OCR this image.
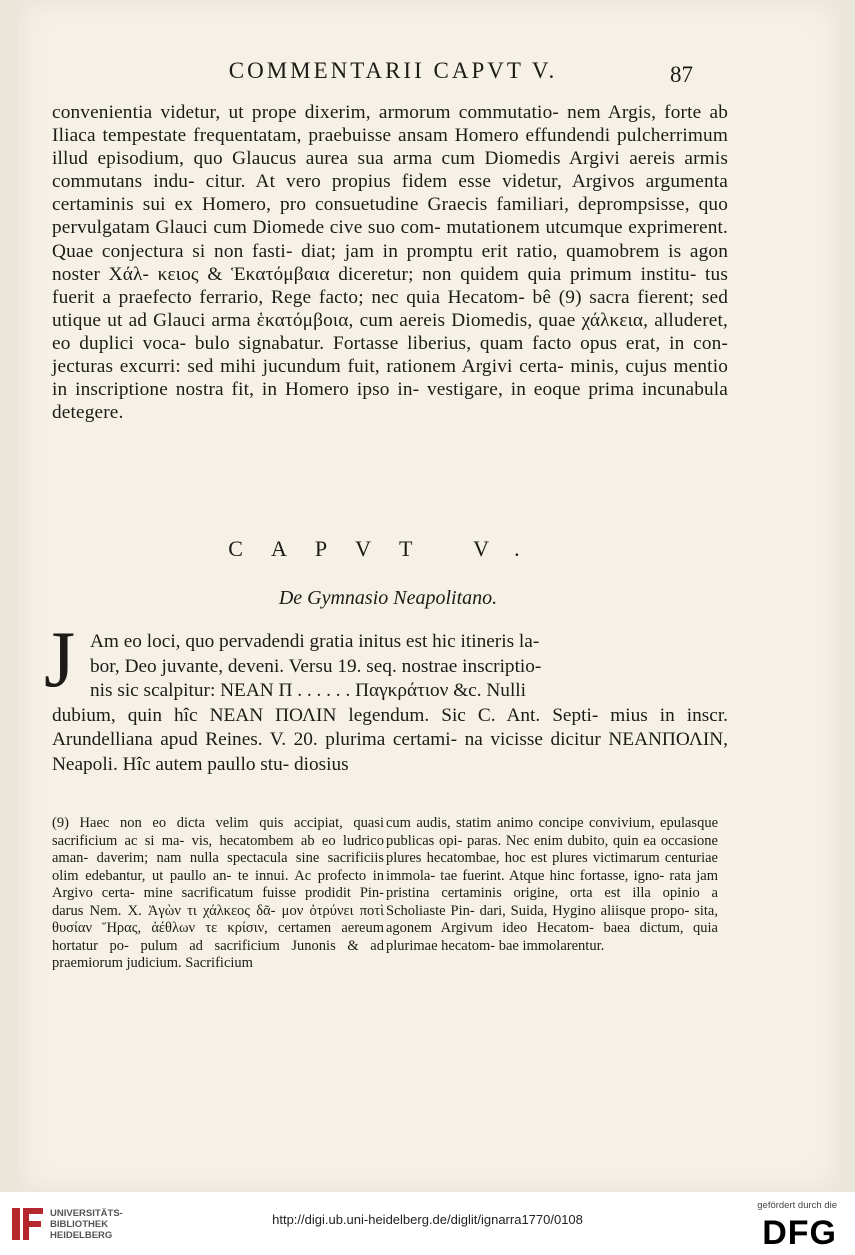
COMMENTARII CAPVT V.	87
convenientia videtur, ut prope dixerim, armorum commutatio- nem Argis, forte ab Iliaca tempestate frequentatam, praebuisse ansam Homero effundendi pulcherrimum illud episodium, quo Glaucus aurea sua arma cum Diomedis Argivi aereis armis commutans indu- citur. At vero propius fidem esse videtur, Argivos argumenta certaminis sui ex Homero, pro consuetudine Graecis familiari, deprompsisse, quo pervulgatam Glauci cum Diomede cive suo com- mutationem utcumque exprimerent. Quae conjectura si non fasti- diat; jam in promptu erit ratio, quamobrem is agon noster Χάλ- κειος & Ἑκατόμβαια diceretur; non quidem quia primum institu- tus fuerit a praefecto ferrario, Rege facto; nec quia Hecatom- bê (9) sacra fierent; sed utique ut ad Glauci arma ἑκατόμβοια, cum aereis Diomedis, quae χάλκεια, alluderet, eo duplici voca- bulo signabatur. Fortasse liberius, quam facto opus erat, in con- jecturas excurri: sed mihi jucundum fuit, rationem Argivi certa- minis, cujus mentio in inscriptione nostra fit, in Homero ipso in- vestigare, in eoque prima incunabula detegere.
CAPVT V.
De Gymnasio Neapolitano.
J Am eo loci, quo pervadendi gratia initus est hic itineris la-
bor, Deo juvante, deveni. Versu 19. seq. nostrae inscriptio-
nis sic scalpitur: ΝΕΑΝ Π . . . . . . Παγκράτιον &c. Nulli
dubium, quin hîc ΝΕΑΝ ΠΟΛΙΝ legendum. Sic C. Ant. Septi- mius in inscr. Arundelliana apud Reines. V. 20. plurima certami- na vicisse dicitur ΝΕΑΝΠΟΛΙΝ, Neapoli. Hîc autem paullo stu- diosius
(9) Haec non eo dicta velim quis accipiat, quasi sacrificium ac si ma- vis, hecatombem ab eo ludrico aman- daverim; nam nulla spectacula sine sacrificiis olim edebantur, ut paullo an- te innui. Ac profecto in Argivo certa- mine sacrificatum fuisse prodidit Pin- darus Nem. X. Ἀγὼν τι χάλκεος δᾶ- μον ὀτρύνει ποτὶ θυσίαν Ἥρας, ἀέθλων τε κρίσιν, certamen aereum hortatur po- pulum ad sacrificium Junonis & ad praemiorum judicium. Sacrificium
cum audis, statim animo concipe convivium, epulasque publicas opi- paras. Nec enim dubito, quin ea occasione plures hecatombae, hoc est plures victimarum centuriae immola- tae fuerint. Atque hinc fortasse, igno- rata jam pristina certaminis origine, orta est illa opinio a Scholiaste Pin- dari, Suida, Hygino aliisque propo- sita, agonem Argivum ideo Hecatom- baea dictum, quia plurimae hecatom- bae immolarentur.
UNIVERSITÄTS-
BIBLIOTHEK
HEIDELBERG
http://digi.ub.uni-heidelberg.de/diglit/ignarra1770/0108
gefördert durch die
DFG
